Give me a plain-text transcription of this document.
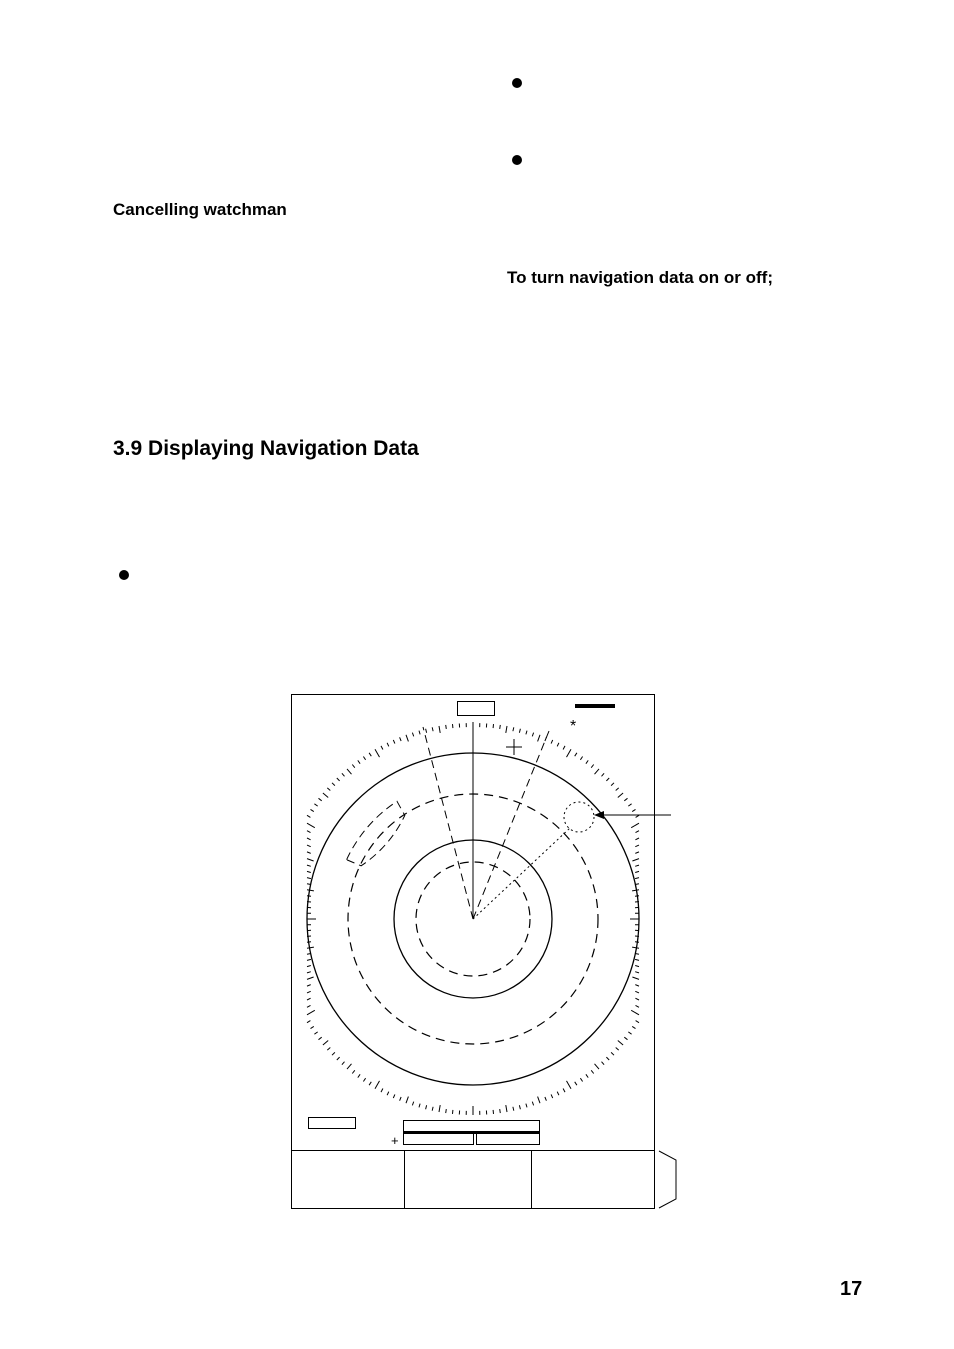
Cancelling watchman
To turn navigation data on or off;
3.9 Displaying Navigation Data
*
+
17
